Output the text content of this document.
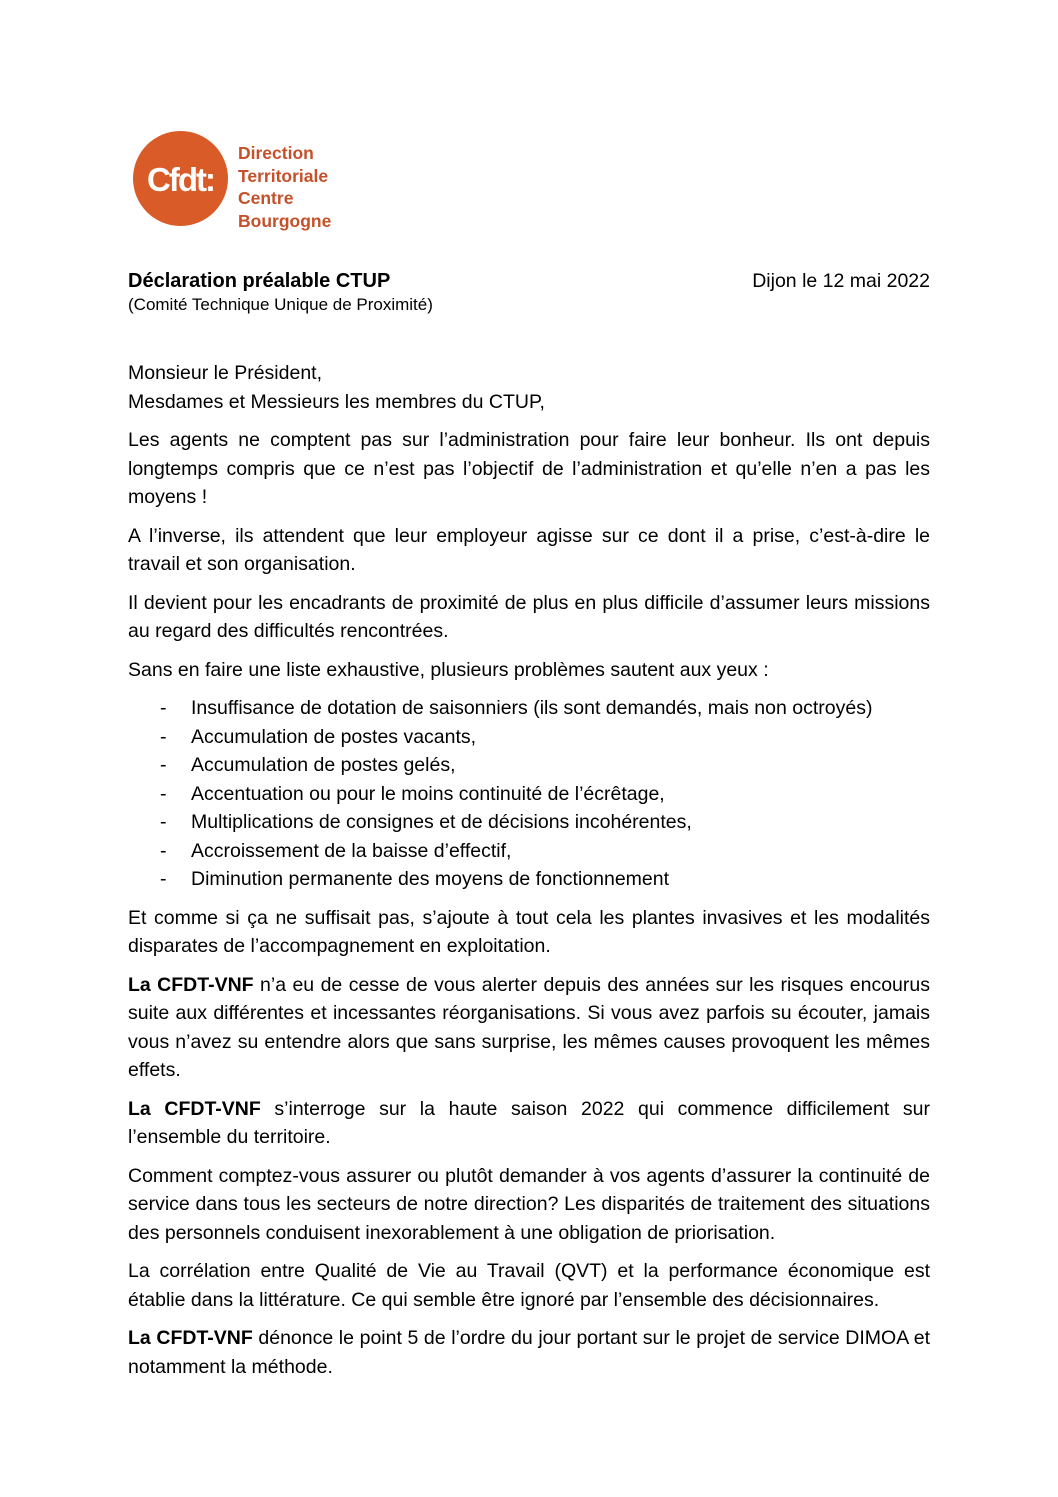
Cfdt:
Direction
Territoriale
Centre
Bourgogne
Déclaration préalable CTUP
(Comité Technique Unique de Proximité)
Dijon le 12 mai 2022

Monsieur le Président,

Mesdames et Messieurs les membres du CTUP,

Les agents ne comptent pas sur l’administration pour faire leur bonheur. Ils ont depuis longtemps compris que ce n’est pas l’objectif de l’administration et qu’elle n’en a pas les moyens !

A l’inverse, ils attendent que leur employeur agisse sur ce dont il a prise, c’est-à-dire le travail et son organisation.

Il devient pour les encadrants de proximité de plus en plus difficile d’assumer leurs missions au regard des difficultés rencontrées.

Sans en faire une liste exhaustive, plusieurs problèmes sautent aux yeux :

-	Insuffisance de dotation de saisonniers (ils sont demandés, mais non octroyés)
-	Accumulation de postes vacants,
-	Accumulation de postes gelés,
-	Accentuation ou pour le moins continuité de l’écrêtage,
-	Multiplications de consignes et de décisions incohérentes,
-	Accroissement de la baisse d’effectif,
-	Diminution permanente des moyens de fonctionnement

Et comme si ça ne suffisait pas, s’ajoute à tout cela les plantes invasives et les modalités disparates de l’accompagnement en exploitation.

La CFDT-VNF n’a eu de cesse de vous alerter depuis des années sur les risques encourus suite aux différentes et incessantes réorganisations. Si vous avez parfois su écouter, jamais vous n’avez su entendre alors que sans surprise, les mêmes causes provoquent les mêmes effets.

La CFDT-VNF s’interroge sur la haute saison 2022 qui commence difficilement sur l’ensemble du territoire.

Comment comptez-vous assurer ou plutôt demander à vos agents d’assurer la continuité de service dans tous les secteurs de notre direction? Les disparités de traitement des situations des personnels conduisent inexorablement à une obligation de priorisation.

La corrélation entre Qualité de Vie au Travail (QVT) et la performance économique est établie dans la littérature. Ce qui semble être ignoré par l’ensemble des décisionnaires.

La CFDT-VNF dénonce le point 5 de l’ordre du jour portant sur le projet de service DIMOA et notamment la méthode.
